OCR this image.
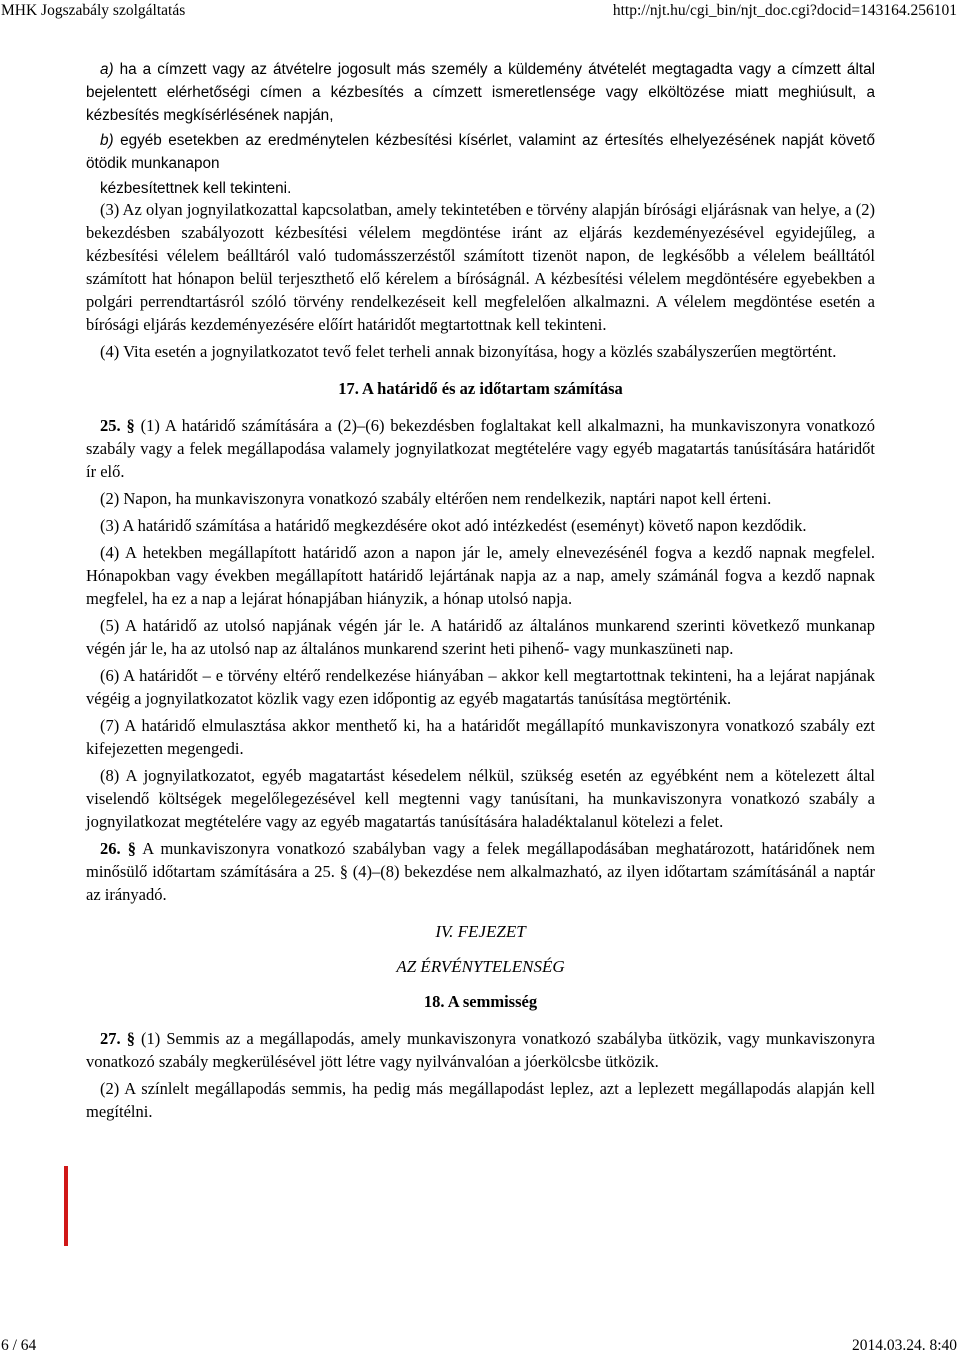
MHK Jogszabály szolgáltatás	http://njt.hu/cgi_bin/njt_doc.cgi?docid=143164.256101

a) ha a címzett vagy az átvételre jogosult más személy a küldemény átvételét megtagadta vagy a címzett által bejelentett elérhetőségi címen a kézbesítés a címzett ismeretlensége vagy elköltözése miatt meghiúsult, a kézbesítés megkísérlésének napján,

b) egyéb esetekben az eredménytelen kézbesítési kísérlet, valamint az értesítés elhelyezésének napját követő ötödik munkanapon

kézbesítettnek kell tekinteni.

(3) Az olyan jognyilatkozattal kapcsolatban, amely tekintetében e törvény alapján bírósági eljárásnak van helye, a (2) bekezdésben szabályozott kézbesítési vélelem megdöntése iránt az eljárás kezdeményezésével egyidejűleg, a kézbesítési vélelem beálltáról való tudomásszerzéstől számított tizenöt napon, de legkésőbb a vélelem beálltától számított hat hónapon belül terjeszthető elő kérelem a bíróságnál. A kézbesítési vélelem megdöntésére egyebekben a polgári perrendtartásról szóló törvény rendelkezéseit kell megfelelően alkalmazni. A vélelem megdöntése esetén a bírósági eljárás kezdeményezésére előírt határidőt megtartottnak kell tekinteni.

(4) Vita esetén a jognyilatkozatot tevő felet terheli annak bizonyítása, hogy a közlés szabályszerűen megtörtént.

17. A határidő és az időtartam számítása

25. § (1) A határidő számítására a (2)–(6) bekezdésben foglaltakat kell alkalmazni, ha munkaviszonyra vonatkozó szabály vagy a felek megállapodása valamely jognyilatkozat megtételére vagy egyéb magatartás tanúsítására határidőt ír elő.

(2) Napon, ha munkaviszonyra vonatkozó szabály eltérően nem rendelkezik, naptári napot kell érteni.

(3) A határidő számítása a határidő megkezdésére okot adó intézkedést (eseményt) követő napon kezdődik.

(4) A hetekben megállapított határidő azon a napon jár le, amely elnevezésénél fogva a kezdő napnak megfelel. Hónapokban vagy években megállapított határidő lejártának napja az a nap, amely számánál fogva a kezdő napnak megfelel, ha ez a nap a lejárat hónapjában hiányzik, a hónap utolsó napja.

(5) A határidő az utolsó napjának végén jár le. A határidő az általános munkarend szerinti következő munkanap végén jár le, ha az utolsó nap az általános munkarend szerint heti pihenő- vagy munkaszüneti nap.

(6) A határidőt – e törvény eltérő rendelkezése hiányában – akkor kell megtartottnak tekinteni, ha a lejárat napjának végéig a jognyilatkozatot közlik vagy ezen időpontig az egyéb magatartás tanúsítása megtörténik.

(7) A határidő elmulasztása akkor menthető ki, ha a határidőt megállapító munkaviszonyra vonatkozó szabály ezt kifejezetten megengedi.

(8) A jognyilatkozatot, egyéb magatartást késedelem nélkül, szükség esetén az egyébként nem a kötelezett által viselendő költségek megelőlegezésével kell megtenni vagy tanúsítani, ha munkaviszonyra vonatkozó szabály a jognyilatkozat megtételére vagy az egyéb magatartás tanúsítására haladéktalanul kötelezi a felet.

26. § A munkaviszonyra vonatkozó szabályban vagy a felek megállapodásában meghatározott, határidőnek nem minősülő időtartam számítására a 25. § (4)–(8) bekezdése nem alkalmazható, az ilyen időtartam számításánál a naptár az irányadó.

IV. FEJEZET

AZ ÉRVÉNYTELENSÉG

18. A semmisség

27. § (1) Semmis az a megállapodás, amely munkaviszonyra vonatkozó szabályba ütközik, vagy munkaviszonyra vonatkozó szabály megkerülésével jött létre vagy nyilvánvalóan a jóerkölcsbe ütközik.

(2) A színlelt megállapodás semmis, ha pedig más megállapodást leplez, azt a leplezett megállapodás alapján kell megítélni.

6 / 64	2014.03.24. 8:40
